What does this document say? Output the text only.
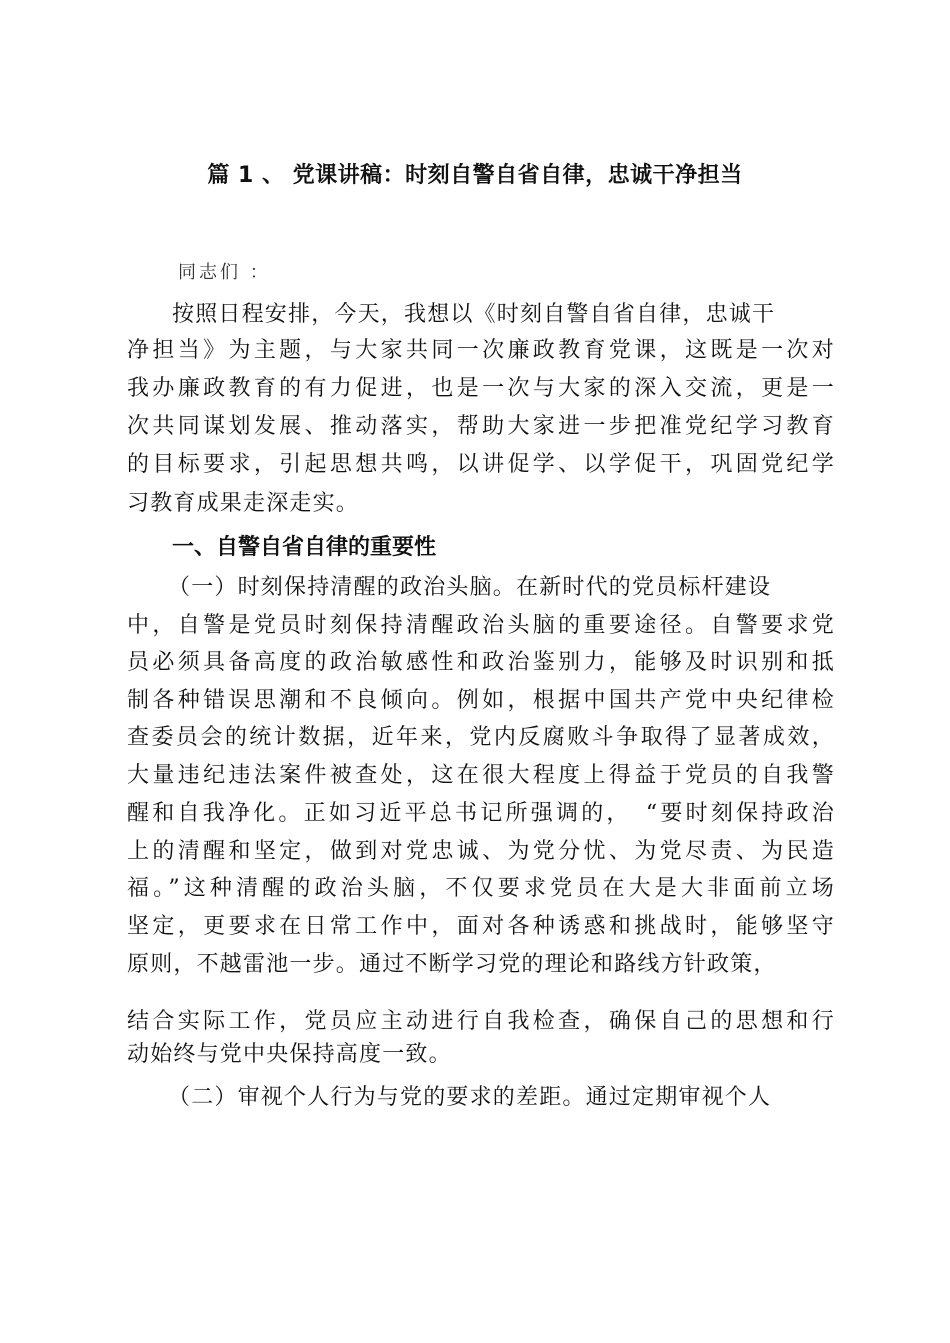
篇 1 、 党课讲稿：时刻自警自省自律，忠诚干净担当
同志们 ：
按照日程安排，今天，我想以《时刻自警自省自律，忠诚干
净担当》为主题，与大家共同一次廉政教育党课，这既是一次对
我办廉政教育的有力促进，也是一次与大家的深入交流，更是一
次共同谋划发展、推动落实，帮助大家进一步把准党纪学习教育
的目标要求，引起思想共鸣，以讲促学、以学促干，巩固党纪学
习教育成果走深走实。
一、自警自省自律的重要性
（一）时刻保持清醒的政治头脑。在新时代的党员标杆建设
中，自警是党员时刻保持清醒政治头脑的重要途径。自警要求党
员必须具备高度的政治敏感性和政治鉴别力，能够及时识别和抵
制各种错误思潮和不良倾向。例如，根据中国共产党中央纪律检
查委员会的统计数据，近年来，党内反腐败斗争取得了显著成效，
大量违纪违法案件被查处，这在很大程度上得益于党员的自我警
醒和自我净化。正如习近平总书记所强调的，　“要时刻保持政治
上的清醒和坚定，做到对党忠诚、为党分忧、为党尽责、为民造
福。”这种清醒的政治头脑，不仅要求党员在大是大非面前立场
坚定，更要求在日常工作中，面对各种诱惑和挑战时，能够坚守
原则，不越雷池一步。通过不断学习党的理论和路线方针政策，
结合实际工作，党员应主动进行自我检查，确保自己的思想和行
动始终与党中央保持高度一致。
（二）审视个人行为与党的要求的差距。通过定期审视个人
